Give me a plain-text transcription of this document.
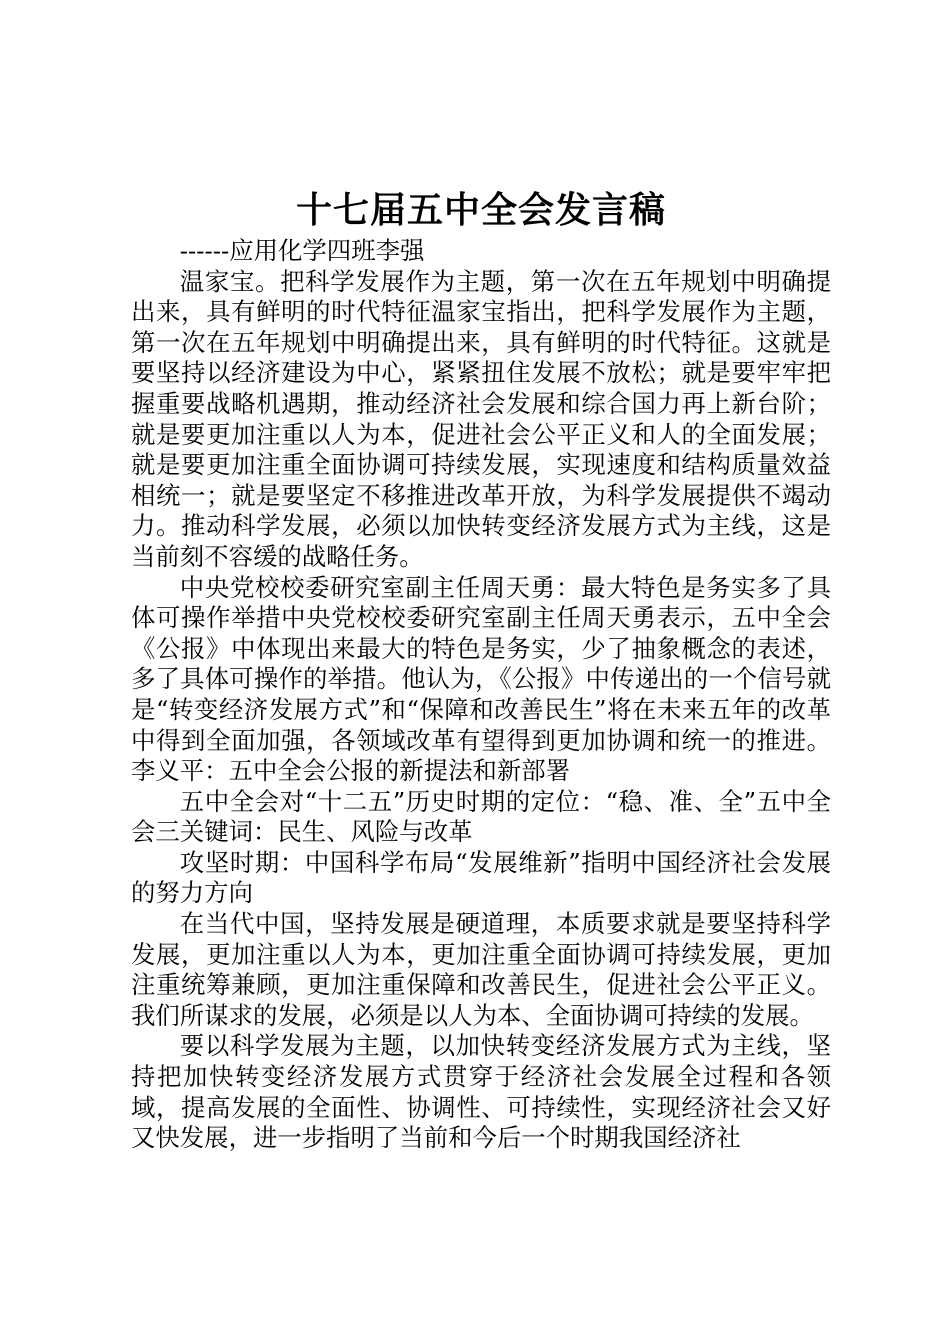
十七届五中全会发言稿

------应用化学四班李强

温家宝。把科学发展作为主题，第一次在五年规划中明确提出来，具有鲜明的时代特征温家宝指出，把科学发展作为主题，第一次在五年规划中明确提出来，具有鲜明的时代特征。这就是要坚持以经济建设为中心，紧紧扭住发展不放松；就是要牢牢把握重要战略机遇期，推动经济社会发展和综合国力再上新台阶；就是要更加注重以人为本，促进社会公平正义和人的全面发展；就是要更加注重全面协调可持续发展，实现速度和结构质量效益相统一；就是要坚定不移推进改革开放，为科学发展提供不竭动力。推动科学发展，必须以加快转变经济发展方式为主线，这是当前刻不容缓的战略任务。

中央党校校委研究室副主任周天勇：最大特色是务实多了具体可操作举措中央党校校委研究室副主任周天勇表示，五中全会《公报》中体现出来最大的特色是务实，少了抽象概念的表述，多了具体可操作的举措。他认为，《公报》中传递出的一个信号就是“转变经济发展方式”和“保障和改善民生”将在未来五年的改革中得到全面加强，各领域改革有望得到更加协调和统一的推进。李义平：五中全会公报的新提法和新部署

五中全会对“十二五”历史时期的定位：“稳、准、全”五中全会三关键词：民生、风险与改革

攻坚时期：中国科学布局“发展维新”指明中国经济社会发展的努力方向

在当代中国，坚持发展是硬道理，本质要求就是要坚持科学发展，更加注重以人为本，更加注重全面协调可持续发展，更加注重统筹兼顾，更加注重保障和改善民生，促进社会公平正义。我们所谋求的发展，必须是以人为本、全面协调可持续的发展。

要以科学发展为主题，以加快转变经济发展方式为主线，坚持把加快转变经济发展方式贯穿于经济社会发展全过程和各领域，提高发展的全面性、协调性、可持续性，实现经济社会又好又快发展，进一步指明了当前和今后一个时期我国经济社
